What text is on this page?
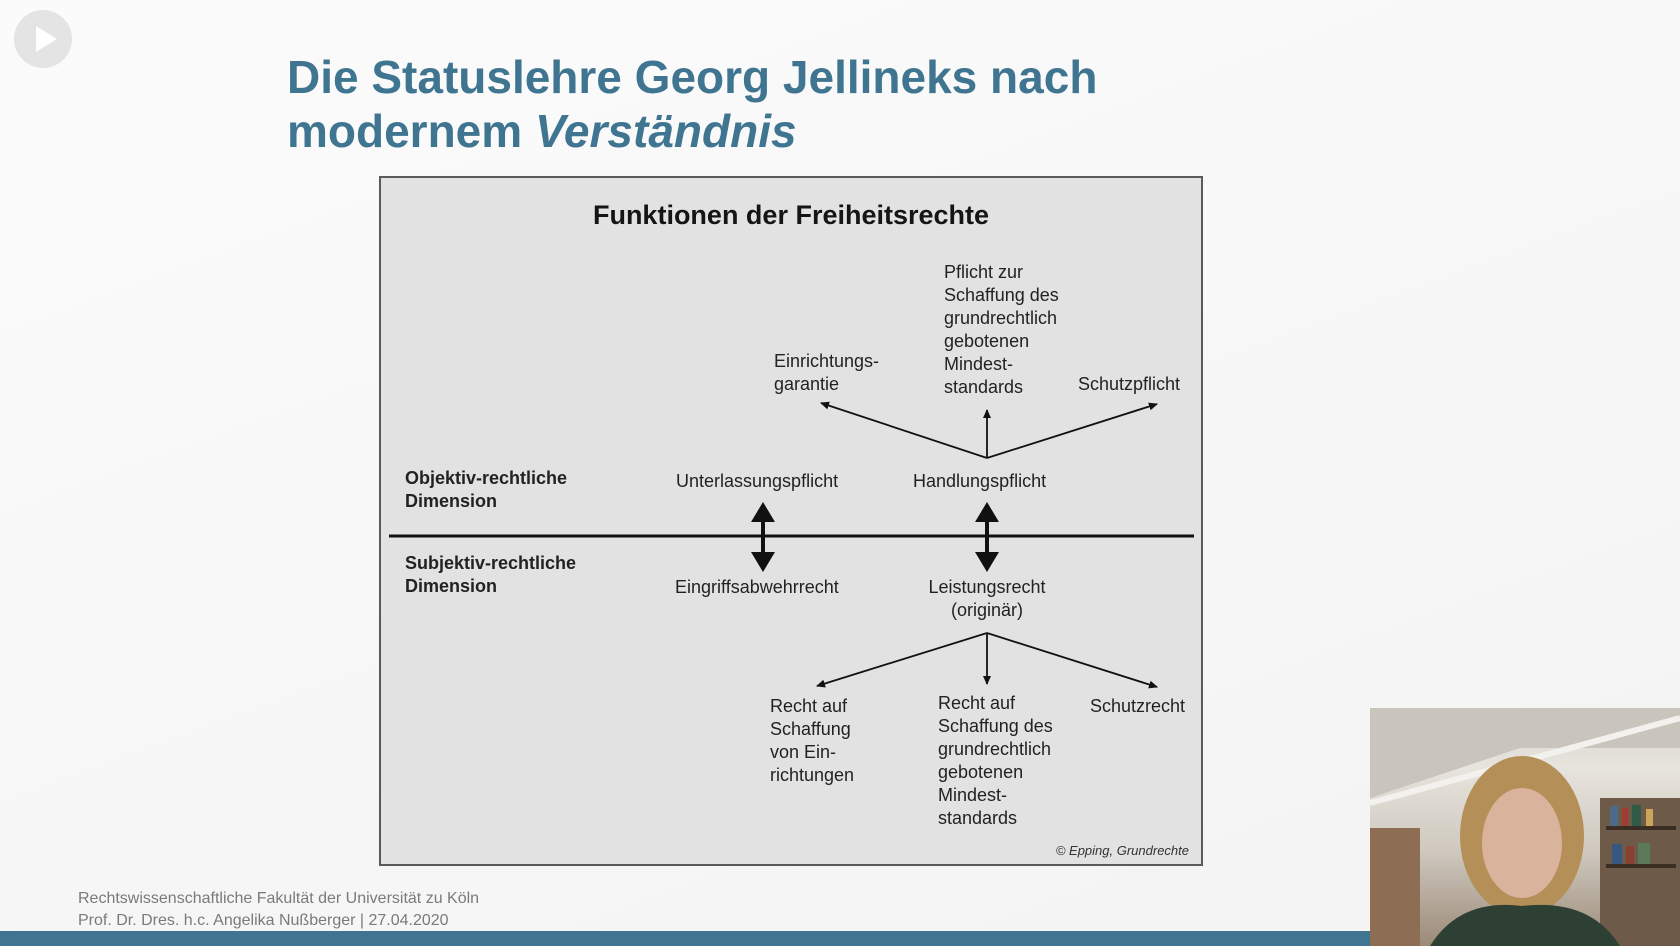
Die Statuslehre Georg Jellineks nach
modernem Verständnis
Funktionen der Freiheitsrechte
Objektiv-rechtliche
Dimension
Subjektiv-rechtliche
Dimension
Unterlassungspflicht	Handlungspflicht
Eingriffsabwehrrecht	Leistungsrecht
(originär)
Einrichtungs-
garantie
Pflicht zur
Schaffung des
grundrechtlich
gebotenen
Mindest-
standards	Schutzpflicht
Recht auf
Schaffung
von Ein-
richtungen
Recht auf
Schaffung des
grundrechtlich
gebotenen
Mindest-
standards
Schutzrecht
© Epping, Grundrechte
Rechtswissenschaftliche Fakultät der Universität zu Köln
Prof. Dr. Dres. h.c. Angelika Nußberger | 27.04.2020
